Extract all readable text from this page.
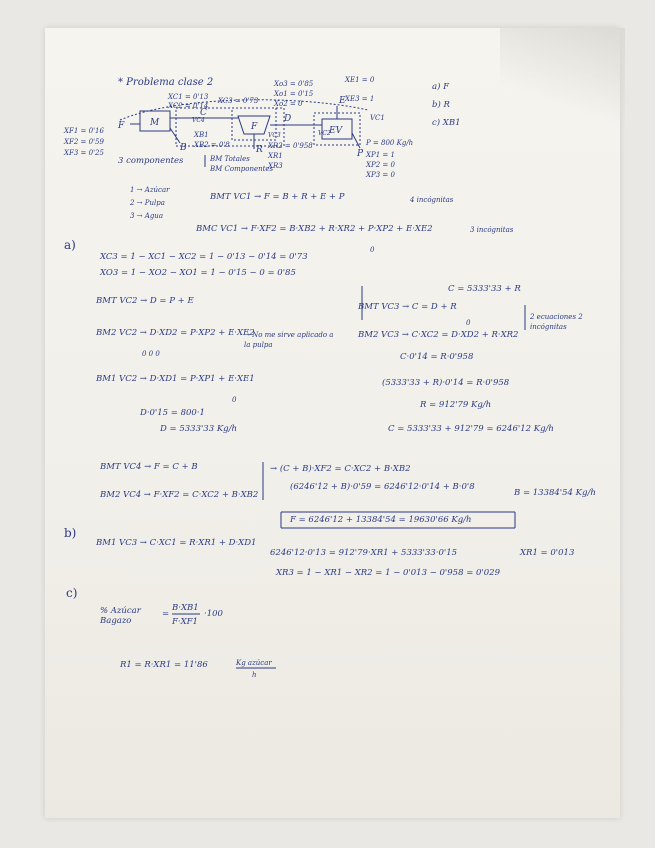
M	F	EV
C
D
E
P
B	R
F
VC1
VC2
VC3
VC4
* Problema clase 2	Xo3 = 0'85
Xo1 = 0'15
Xo2 = 0
XE1 = 0
XE3 = 1
XC1 = 0'13
XC2 = 0'14
XC3 = 0'73
XF1 = 0'16
XF2 = 0'59
XF3 = 0'25
XB1
XB2 = 0'8	XR2 = 0'958
XR1
XR3
P = 800 Kg/h
XP1 = 1
XP2 = 0
XP3 = 0
a) F
b) R
c) XB1
3 componentes	BM Totales
BM Componentes
1 → Azúcar
2 → Pulpa
3 → Agua
BMT VC1 → F = B + R + E + P	4 incógnitas
BMC VC1 → F·XF2 = B·XB2 + R·XR2 + P·XP2 + E·XE2
0
3 incógnitas
a)
XC3 = 1 − XC1 − XC2 = 1 − 0'13 − 0'14 = 0'73
XO3 = 1 − XO2 − XO1 = 1 − 0'15 − 0 = 0'85
BMT VC2 → D = P + E
BM2 VC2 → D·XD2 = P·XP2 + E·XE2
0 0 0
→ No me sirve aplicado a la pulpa
BM1 VC2 → D·XD1 = P·XP1 + E·XE1
0
D·0'15 = 800·1
D = 5333'33 Kg/h
C = 5333'33 + R
BMT VC3 → C = D + R
BM2 VC3 → C·XC2 = D·XD2 + R·XR2
0
C·0'14 = R·0'958
2 ecuaciones 2 incógnitas
(5333'33 + R)·0'14 = R·0'958
R = 912'79 Kg/h
C = 5333'33 + 912'79 = 6246'12 Kg/h
BMT VC4 → F = C + B
BM2 VC4 → F·XF2 = C·XC2 + B·XB2
→ (C + B)·XF2 = C·XC2 + B·XB2
(6246'12 + B)·0'59 = 6246'12·0'14 + B·0'8
B = 13384'54 Kg/h
F = 6246'12 + 13384'54 = 19630'66 Kg/h
b)
BM1 VC3 → C·XC1 = R·XR1 + D·XD1
6246'12·0'13 = 912'79·XR1 + 5333'33·0'15	XR1 = 0'013
XR3 = 1 − XR1 − XR2 = 1 − 0'013 − 0'958 = 0'029
c)
% Azúcar Bagazo
=
B·XB1
F·XF1
·100
R1 = R·XR1 = 11'86	Kg azúcar
h
